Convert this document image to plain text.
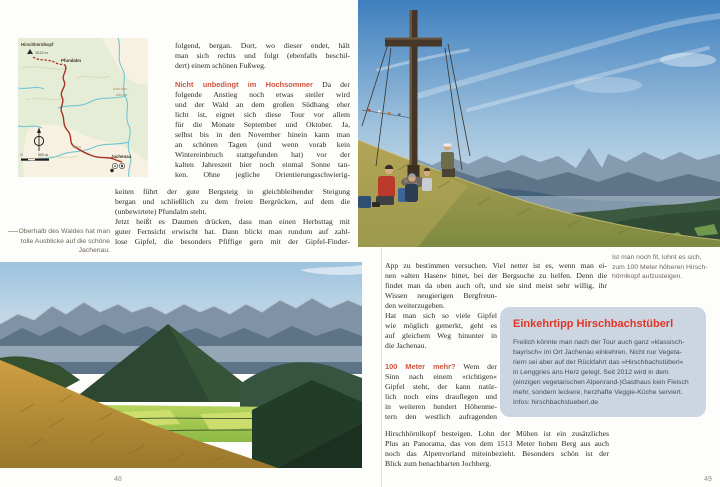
Hirschhörnlkopf
1513 m
Pfundalm
Aschar-
wiese
Berg
Jachenau
0	500 m
folgend, bergan. Dort, wo dieser endet, hält
man sich rechts und folgt (ebenfalls beschil-
dert) einem schönen Fußweg.
Nicht unbedingt im Hochsommer Da der
folgende Anstieg noch etwas steiler wird
und der Wald an dem großen Südhang eher
licht ist, eignet sich diese Tour vor allem
für die Monate September und Oktober. Ja,
selbst bis in den November hinein kann man
an schönen Tagen (und wenn vorab kein
Wintereinbruch stattgefunden hat) vor der
kalten Jahreszeit hier noch einmal Sonne tan-
ken. Ohne jegliche Orientierungsschwierig-
keiten führt der gute Bergsteig in gleichbleibender Steigung
bergan und schließlich zu dem freien Bergrücken, auf dem die
(unbewirtete) Pfundalm steht.
Jetzt heißt es Daumen drücken, dass man einen Herbsttag mit
guter Fernsicht erwischt hat. Dann blickt man rundum auf zahl-
lose Gipfel, die besonders Pfiffige gern mit der Gipfel-Finder-
Oberhalb des Waldes hat man
tolle Ausblicke auf die schöne
Jachenau.
48
Ist man noch fit, lohnt es sich,
zum 100 Meter höheren Hirsch-
hörnlkopf aufzusteigen.
App zu bestimmen versuchen. Viel netter ist es, wenn man ei-
nen »alten Hasen« bittet, bei der Bergsuche zu helfen. Denn die
findet man da oben auch oft, und sie sind meist sehr willig, ihr
Wissen neugierigen Bergfreun-
den weiterzugeben.
Hat man sich so viele Gipfel
wie möglich gemerkt, geht es
auf gleichem Weg hinunter in
die Jachenau.
100 Meter mehr? Wem der
Sinn nach einem »richtigen«
Gipfel steht, der kann natür-
lich noch eins drauflegen und
in weiteren hundert Höhenme-
tern den westlich aufragenden
Einkehrtipp Hirschbachstüberl
Freilich könnte man nach der Tour auch ganz »klassisch-
bayrisch« im Ort Jachenau einkehren. Nicht nur Vegeta-
riern sei aber auf der Rückfahrt das »Hirschbachstüberl«
in Lenggries ans Herz gelegt. Seit 2012 wird in dem
(einzigen vegetarischen Alpenrand-)Gasthaus kein Fleisch
mehr, sondern leckere, herzhafte Veggie-Küche serviert.
Infos: hirschbachstueberl.de
Hirschhörnlkopf besteigen. Lohn der Mühen ist ein zusätzliches
Plus an Panorama, das von dem 1513 Meter hohen Berg aus auch
noch das Alpenvorland miteinbezieht. Besonders schön ist der
Blick zum benachbarten Jochberg.
49
